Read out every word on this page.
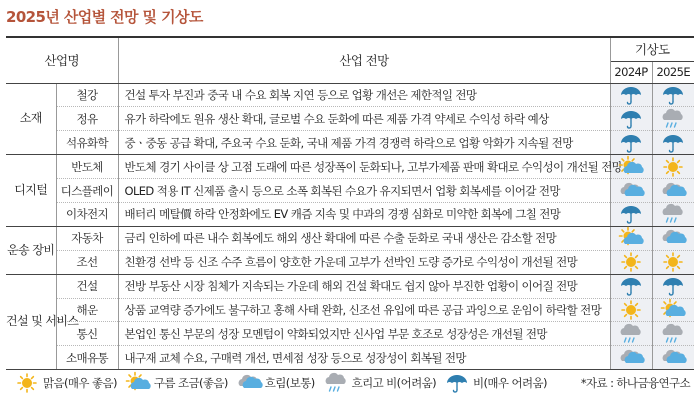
2025년 산업별 전망 및 기상도
산업명		산업 전망	기상도	
			2024P	2025E
소재	철강	건설 투자 부진과 중국 내 수요 회복 지연 등으로 업황 개선은 제한적일 전망		
	정유	유가 하락에도 원유 생산 확대, 글로벌 수요 둔화에 따른 제품 가격 약세로 수익성 하락 예상		
	석유화학	중ㆍ중동 공급 확대, 주요국 수요 둔화, 국내 제품 가격 경쟁력 하락으로 업황 악화가 지속될 전망		
디지털	반도체	반도체 경기 사이클 상 고점 도래에 따른 성장폭이 둔화되나, 고부가제품 판매 확대로 수익성이 개선될 전망		
	디스플레이	OLED 적용 IT 신제품 출시 등으로 소폭 회복된 수요가 유지되면서 업황 회복세를 이어갈 전망		
	이차전지	배터리 메탈價 하락 안정화에도 EV 캐즘 지속 및 中과의 경쟁 심화로 미약한 회복에 그칠 전망		
운송 장비	자동차	금리 인하에 따른 내수 회복에도 해외 생산 확대에 따른 수출 둔화로 국내 생산은 감소할 전망		
	조선	친환경 선박 등 신조 수주 흐름이 양호한 가운데 고부가 선박인 도량 증가로 수익성이 개선될 전망		
건설 및 서비스	건설	전방 부동산 시장 침체가 지속되는 가운데 해외 건설 확대도 쉽지 않아 부진한 업황이 이어질 전망		
	해운	상품 교역량 증가에도 불구하고 홍해 사태 완화, 신조선 유입에 따른 공급 과잉으로 운임이 하락할 전망		
	통신	본업인 통신 부문의 성장 모멘텀이 약화되었지만 신사업 부문 호조로 성장성은 개선될 전망		
	소매유통	내구재 교체 수요, 구매력 개선, 면세점 성장 등으로 성장성이 회복될 전망		
맑음(매우 좋음)	구름 조금(좋음)	흐림(보통)	흐리고 비(어려움)	비(매우 어려움)	*자료 : 하나금융연구소
